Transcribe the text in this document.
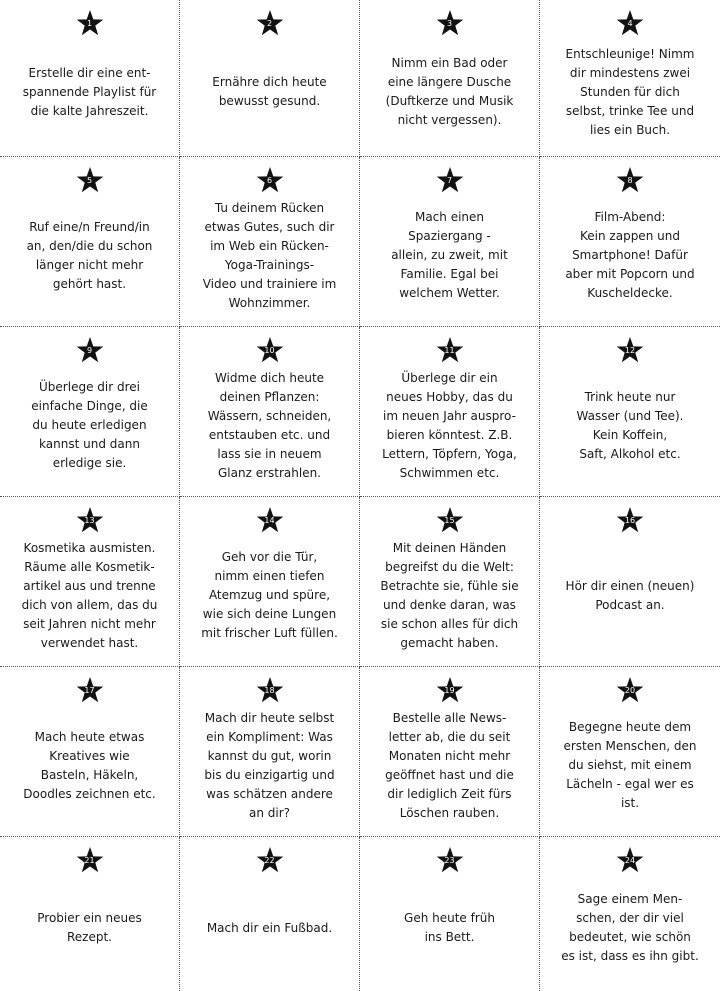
1
Erstelle dir eine ent-
spannende Playlist für
die kalte Jahreszeit.
2
Ernähre dich heute
bewusst gesund.
3
Nimm ein Bad oder
eine längere Dusche
(Duftkerze und Musik
nicht vergessen).
4
Entschleunige! Nimm
dir mindestens zwei
Stunden für dich
selbst, trinke Tee und
lies ein Buch.
5
Ruf eine/n Freund/in
an, den/die du schon
länger nicht mehr
gehört hast.
6
Tu deinem Rücken
etwas Gutes, such dir
im Web ein Rücken-
Yoga-Trainings-
Video und trainiere im
Wohnzimmer.
7
Mach einen
Spaziergang -
allein, zu zweit, mit
Familie. Egal bei
welchem Wetter.
8
Film-Abend:
Kein zappen und
Smartphone! Dafür
aber mit Popcorn und
Kuscheldecke.
9
Überlege dir drei
einfache Dinge, die
du heute erledigen
kannst und dann
erledige sie.
10
Widme dich heute
deinen Pflanzen:
Wässern, schneiden,
entstauben etc. und
lass sie in neuem
Glanz erstrahlen.
11
Überlege dir ein
neues Hobby, das du
im neuen Jahr auspro-
bieren könntest. Z.B.
Lettern, Töpfern, Yoga,
Schwimmen etc.
12
Trink heute nur
Wasser (und Tee).
Kein Koffein,
Saft, Alkohol etc.
13
Kosmetika ausmisten.
Räume alle Kosmetik-
artikel aus und trenne
dich von allem, das du
seit Jahren nicht mehr
verwendet hast.
14
Geh vor die Tür,
nimm einen tiefen
Atemzug und spüre,
wie sich deine Lungen
mit frischer Luft füllen.
15
Mit deinen Händen
begreifst du die Welt:
Betrachte sie, fühle sie
und denke daran, was
sie schon alles für dich
gemacht haben.
16
Hör dir einen (neuen)
Podcast an.
17
Mach heute etwas
Kreatives wie
Basteln, Häkeln,
Doodles zeichnen etc.
18
Mach dir heute selbst
ein Kompliment: Was
kannst du gut, worin
bis du einzigartig und
was schätzen andere
an dir?
19
Bestelle alle News-
letter ab, die du seit
Monaten nicht mehr
geöffnet hast und die
dir lediglich Zeit fürs
Löschen rauben.
20
Begegne heute dem
ersten Menschen, den
du siehst, mit einem
Lächeln - egal wer es
ist.
21
Probier ein neues
Rezept.
22
Mach dir ein Fußbad.
23
Geh heute früh
ins Bett.
24
Sage einem Men-
schen, der dir viel
bedeutet, wie schön
es ist, dass es ihn gibt.
